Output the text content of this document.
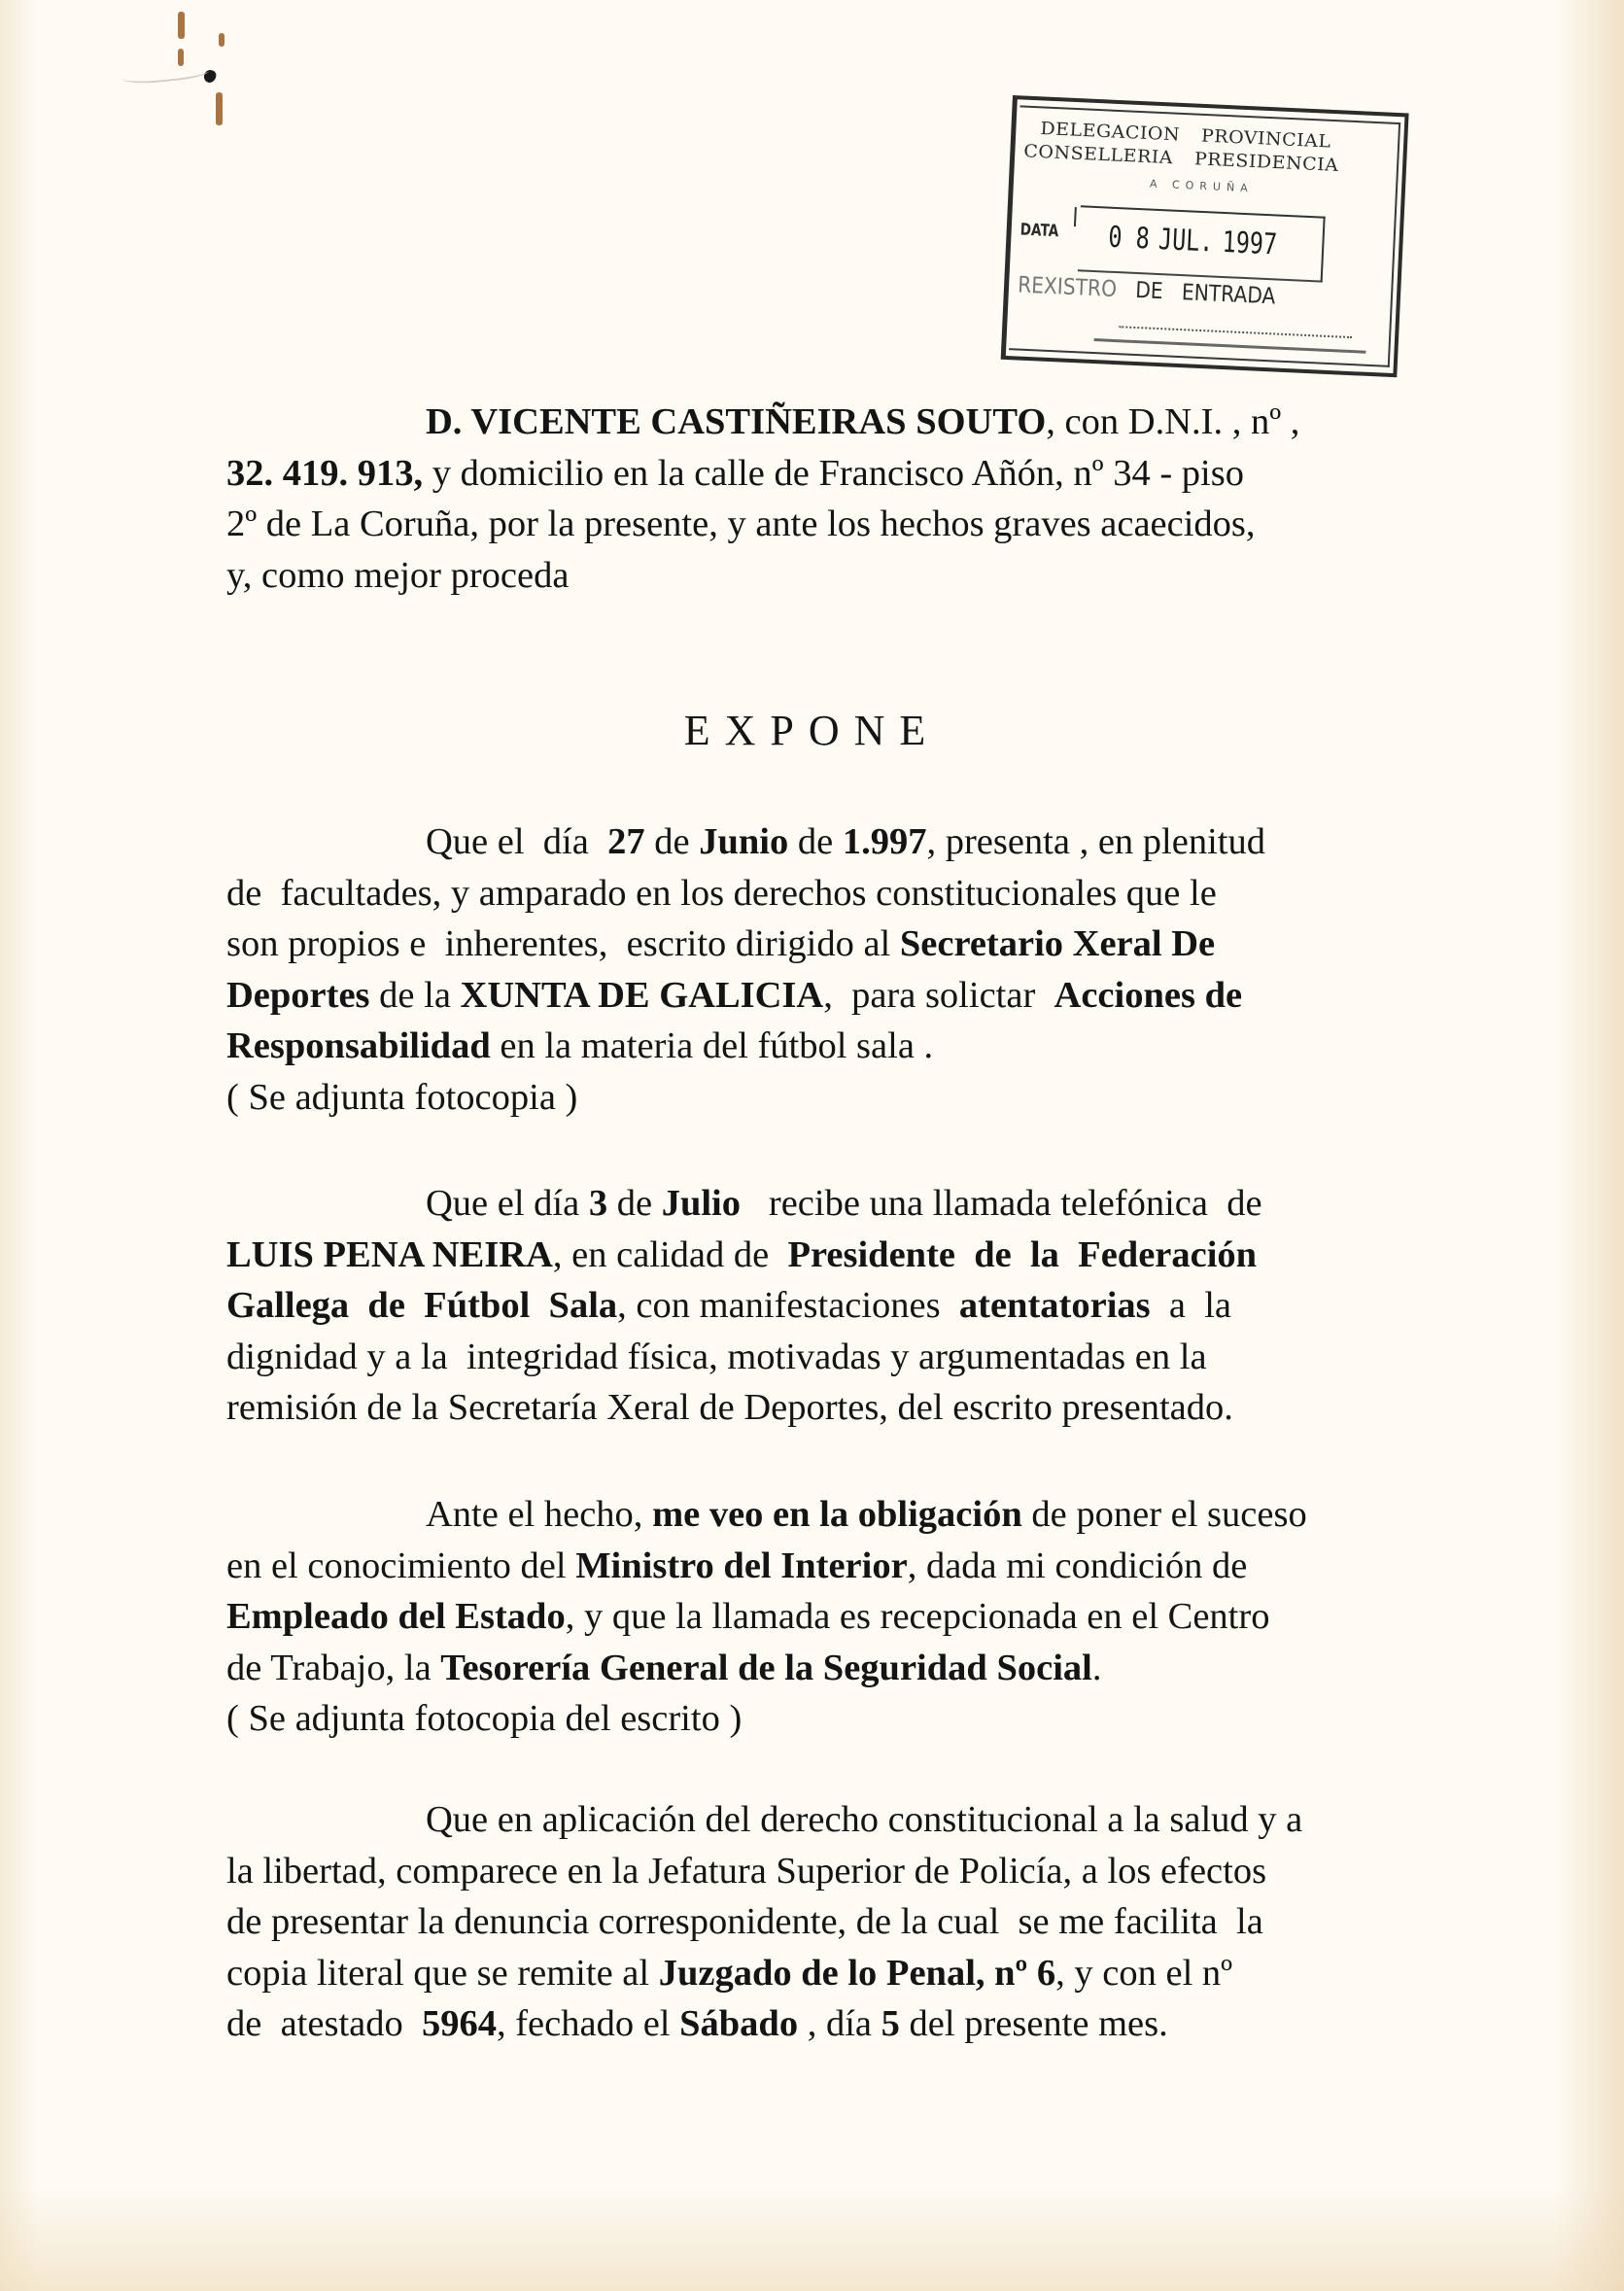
DELEGACION PROVINCIAL
CONSELLERIA PRESIDENCIA
A CORUÑA
DATA 0 8 JUL. 1997
REXISTRO DE ENTRADA
D. VICENTE CASTIÑEIRAS SOUTO, con D.N.I. , nº ,
32. 419. 913, y domicilio en la calle de Francisco Añón, nº 34 - piso
2º de La Coruña, por la presente, y ante los hechos graves acaecidos,
y, como mejor proceda
EXPONE
Que el  día  27 de Junio de 1.997, presenta , en plenitud
de  facultades, y amparado en los derechos constitucionales que le
son propios e  inherentes,  escrito dirigido al Secretario Xeral De
Deportes de la XUNTA DE GALICIA,  para solictar  Acciones de
Responsabilidad en la materia del fútbol sala .
( Se adjunta fotocopia )
Que el día 3 de Julio   recibe una llamada telefónica  de
LUIS PENA NEIRA, en calidad de  Presidente  de  la  Federación
Gallega  de  Fútbol  Sala, con manifestaciones  atentatorias  a  la
dignidad y a la  integridad física, motivadas y argumentadas en la
remisión de la Secretaría Xeral de Deportes, del escrito presentado.
Ante el hecho, me veo en la obligación de poner el suceso
en el conocimiento del Ministro del Interior, dada mi condición de
Empleado del Estado, y que la llamada es recepcionada en el Centro
de Trabajo, la Tesorería General de la Seguridad Social.
( Se adjunta fotocopia del escrito )
Que en aplicación del derecho constitucional a la salud y a
la libertad, comparece en la Jefatura Superior de Policía, a los efectos
de presentar la denuncia corresponidente, de la cual  se me facilita  la
copia literal que se remite al Juzgado de lo Penal, nº 6, y con el nº
de  atestado  5964, fechado el Sábado , día 5 del presente mes.
